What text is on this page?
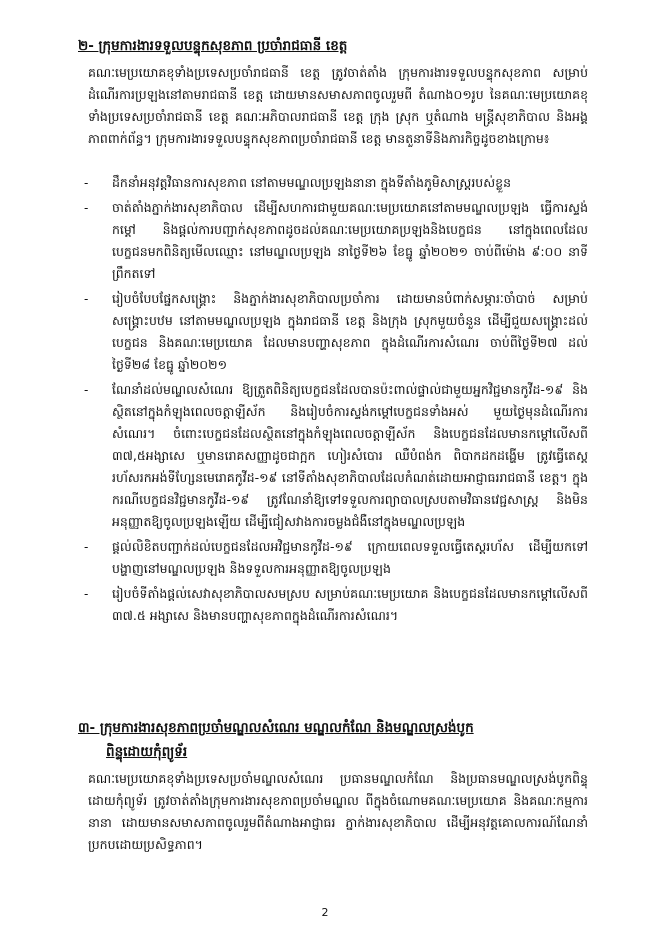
២- ក្រុមការងារទទួលបន្ទុកសុខភាព ប្រចាំរាជធានី ខេត្ត

គណៈមេប្រយោគខុទាំងប្រទេសប្រចាំរាជធានី ខេត្ត ត្រូវចាត់តាំង ក្រុមការងារទទួលបន្ទុកសុខភាព សម្រាប់ដំណើរការប្រឡងនៅតាមរាជធានី ខេត្ត ដោយមានសមាសភាពចូលរួមពី តំណាង០១រូប នៃគណៈមេប្រយោគខុទាំងប្រទេសប្រចាំរាជធានី ខេត្ត គណៈអភិបាលរាជធានី ខេត្ត ក្រុង ស្រុក ឬតំណាង មន្ត្រីសុខាភិបាល និងអង្គភាពពាក់ព័ន្ធ។ ក្រុមការងារទទួលបន្ទុកសុខភាពប្រចាំរាជធានី ខេត្ត មានតួនាទីនិងភារកិច្ចដូចខាងក្រោម៖

- ដឹកនាំអនុវត្តវិធានការសុខភាព នៅតាមមណ្ឌលប្រឡងនានា ក្នុងទីតាំងភូមិសាស្ត្ររបស់ខ្លួន
- ចាត់តាំងភ្នាក់ងារសុខាភិបាល ដើម្បីសហការជាមួយគណៈមេប្រយោគនៅតាមមណ្ឌលប្រឡង ធ្វើការស្ទង់កម្តៅ និងផ្តល់ការបញ្ជាក់សុខភាពដូចដល់គណៈមេប្រយោគប្រឡងនិងបេក្ខជន នៅក្នុងពេលដែលបេក្ខជនមកពិនិត្យមើលឈ្មោះ នៅមណ្ឌលប្រឡង នាថ្ងៃទី២៦ ខែធ្នូ ឆ្នាំ២០២១ ចាប់ពីម៉ោង ៩:០០ នាទីព្រឹកតទៅ
- រៀបចំបែបផ្នែកសង្គ្រោះ និងភ្នាក់ងារសុខាភិបាលប្រចាំការ ដោយមានបំពាក់សម្ភារៈចាំបាច់ សម្រាប់សង្គ្រោះបឋម នៅតាមមណ្ឌលប្រឡង ក្នុងរាជធានី ខេត្ត និងក្រុង ស្រុកមួយចំនួន ដើម្បីជួយសង្គ្រោះដល់បេក្ខជន និងគណៈមេប្រយោគ ដែលមានបញ្ហាសុខភាព ក្នុងដំណើរការសំណេរ ចាប់ពីថ្ងៃទី២៧ ដល់ថ្ងៃទី២៨ ខែធ្នូ ឆ្នាំ២០២១
- ណែនាំដល់មណ្ឌលសំណេរ ឱ្យត្រួតពិនិត្យបេក្ខជនដែលបានប៉ះពាល់ផ្ទាល់ជាមួយអ្នកវិជ្ជមានកូវីដ-១៩ និងស្ថិតនៅក្នុងកំឡុងពេលចត្តាឡីស័ក និងរៀបចំការស្ទង់កម្តៅបេក្ខជនទាំងអស់ មួយថ្ងៃមុនដំណើរការសំណេរ។ ចំពោះបេក្ខជនដែលស្ថិតនៅក្នុងកំឡុងពេលចត្តាឡីស័ក និងបេក្ខជនដែលមានកម្តៅលើសពី ៣៧,៥អង្សាសេ ឬមានរោគសញ្ញាដូចជាក្អក ហៀរសំបោរ ឈឺបំពង់ក ពិបាកដកដង្ហើម ត្រូវធ្វើតេស្តរហ័សរកអង់ទីហ្សែនមេរោគកូវីដ-១៩ នៅទីតាំងសុខាភិបាលដែលកំណត់ដោយអាជ្ញាធររាជធានី ខេត្ត។ ក្នុងករណីបេក្ខជនវិជ្ជមានកូវីដ-១៩ ត្រូវណែនាំឱ្យទៅទទួលការព្យាបាលស្របតាមវិធានវេជ្ជសាស្ត្រ និងមិនអនុញ្ញាតឱ្យចូលប្រឡងឡើយ ដើម្បីជៀសវាងការចម្លងជំងឺនៅក្នុងមណ្ឌលប្រឡង
- ផ្តល់លិខិតបញ្ជាក់ដល់បេក្ខជនដែលអវិជ្ជមានកូវីដ-១៩ ក្រោយពេលទទួលធ្វើតេស្តរហ័ស ដើម្បីយកទៅបង្ហាញនៅមណ្ឌលប្រឡង និងទទួលការអនុញ្ញាតឱ្យចូលប្រឡង
- រៀបចំទីតាំងផ្តល់សេវាសុខាភិបាលសមស្រប សម្រាប់គណៈមេប្រយោគ និងបេក្ខជនដែលមានកម្តៅលើសពី ៣៧.៥ អង្សាសេ និងមានបញ្ហាសុខភាពក្នុងដំណើរការសំណេរ។
៣- ក្រុមការងារសុខភាពប្រចាំមណ្ឌលសំណេរ មណ្ឌលកំណែ និងមណ្ឌលស្រង់បូក
ពិន្ទុដោយកុំព្យូទ័រ

គណៈមេប្រយោគខុទាំងប្រទេសប្រចាំមណ្ឌលសំណេរ ប្រធានមណ្ឌលកំណែ និងប្រធានមណ្ឌលស្រង់បូកពិន្ទុដោយកុំព្យូទ័រ ត្រូវចាត់តាំងក្រុមការងារសុខភាពប្រចាំមណ្ឌល ពីក្នុងចំណោមគណៈមេប្រយោគ និងគណៈកម្មការនានា ដោយមានសមាសភាពចូលរួមពីតំណាងអាជ្ញាធរ ភ្នាក់ងារសុខាភិបាល ដើម្បីអនុវត្តគោលការណ៍ណែនាំប្រកបដោយប្រសិទ្ធភាព។

2
